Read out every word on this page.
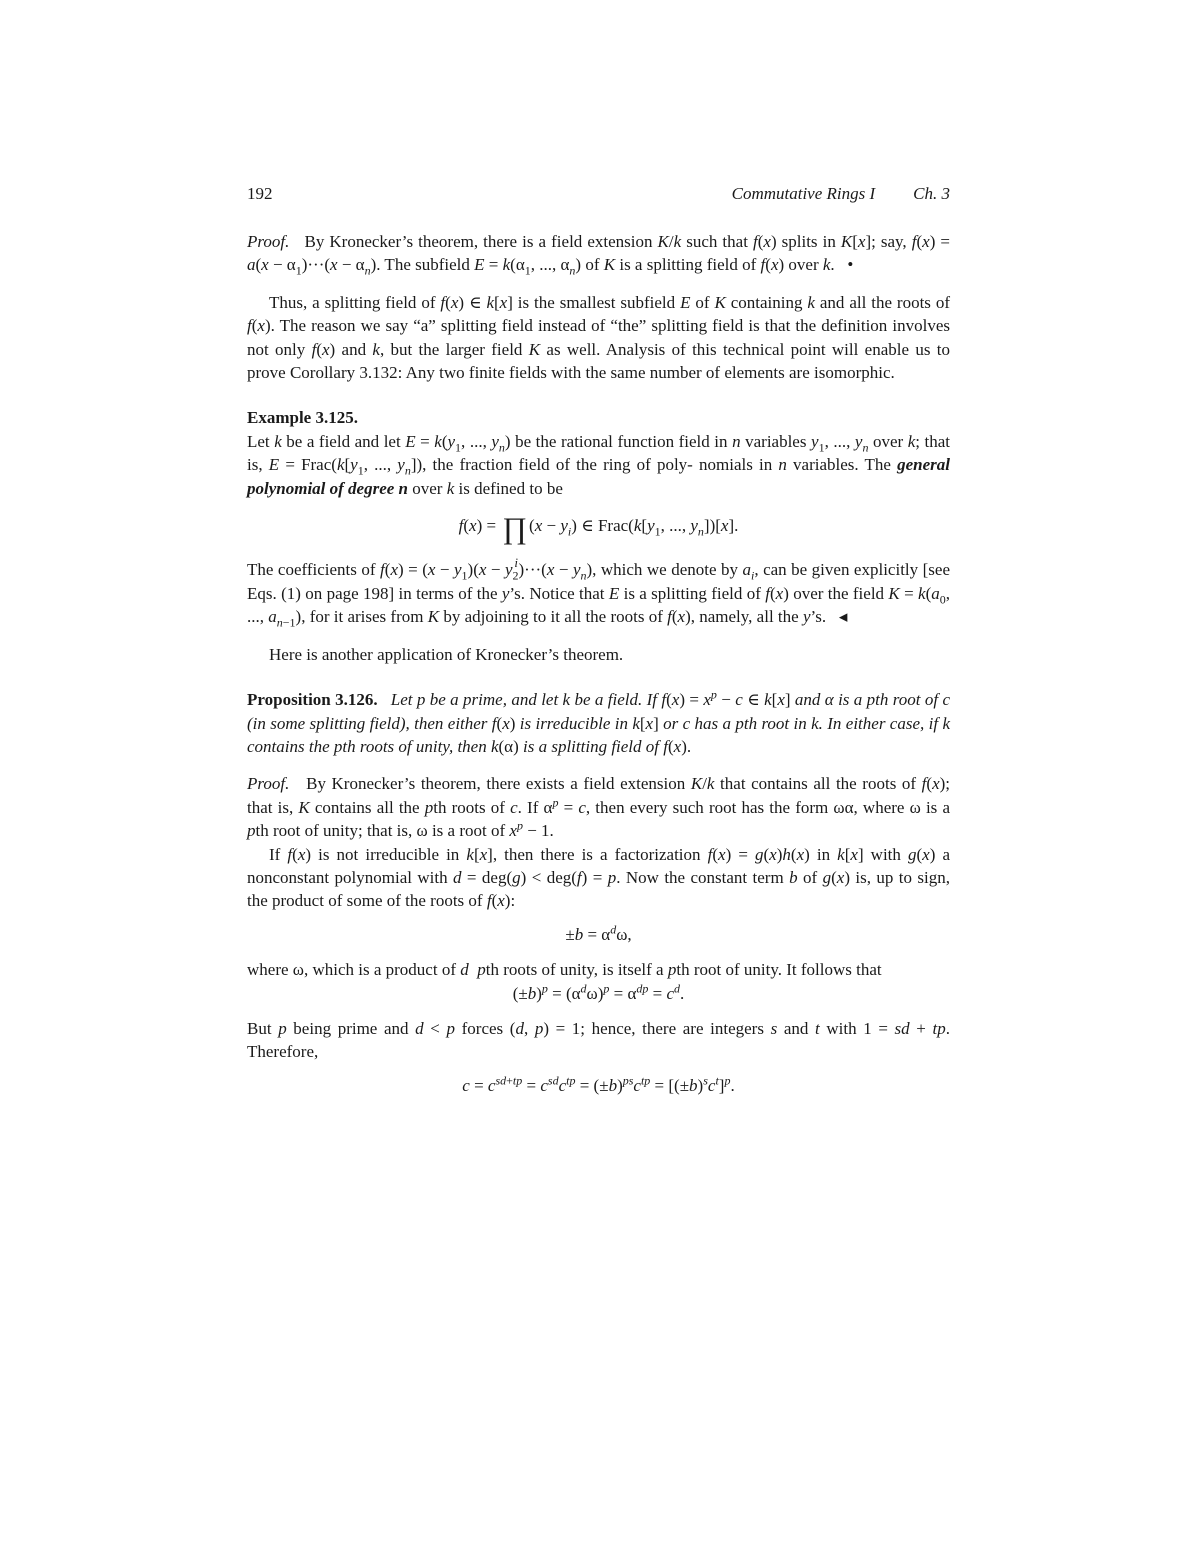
192	Commutative Rings I Ch. 3

Proof.   By Kronecker’s theorem, there is a field extension K/k such that f(x) splits in K[x]; say, $f(x) = a(x - \alpha_1)\cdot\cdot\cdot(x - \alpha_n)$. The subfield $E = k(\alpha_1$, ..., $\alpha_n$) of K is a splitting field of f(x) over k.   •

Thus, a splitting field of f(x) ∈ k[x] is the smallest subfield E of K containing k and all the roots of f(x). The reason we say “a” splitting field instead of “the” splitting field is that the definition involves not only f(x) and k, but the larger field K as well. Analysis of this technical point will enable us to prove Corollary 3.132: Any two finite fields with the same number of elements are isomorphic.

Example 3.125.

Let k be a field and let $E = k(y_1$, ..., $y_n$) be the rational function field in n variables $y_1$, ..., $y_n$ over k; that is, $E = Frac(k[y_1$, ..., $y_n$]), the fraction field of the ring of poly- nomials in n variables. The general polynomial of degree n over k is defined to be

f(x) = ∏
i
$(x - y_i)$ ∈ $Frac(k[y_1$, ..., $y_n])[x]$.

The coefficients of $f(x) = (x - y_1)(x - y_2)\cdot\cdot\cdot(x - y_n)$, which we denote by $a_i$, can be given explicitly [see Eqs. (1) on page 198] in terms of the y’s. Notice that E is a splitting field of f(x) over the field $K = k(a_0$, ..., $a_{n-1}$), for it arises from K by adjoining to it all the roots of f(x), namely, all the y’s.   ◂

Here is another application of Kronecker’s theorem.

Proposition 3.126. Let p be a prime, and let k be a field. If $f(x) = x^p - c$ ∈ k[x] and α is a pth root of c (in some splitting field), then either f(x) is irreducible in k[x] or c has a pth root in k. In either case, if k contains the pth roots of unity, then k(α) is a splitting field of f(x).

Proof.   By Kronecker’s theorem, there exists a field extension K/k that contains all the roots of f(x); that is, K contains all the pth roots of c. If $\alpha^p = c$, then every such root has the form ωα, where ω is a pth root of unity; that is, ω is a root of $x^p - 1$.

If f(x) is not irreducible in k[x], then there is a factorization f(x) = g(x)h(x) in k[x] with g(x) a nonconstant polynomial with d = deg(g) < deg(f) = p. Now the constant term b of g(x) is, up to sign, the product of some of the roots of f(x):

$\pm b = \alpha^d\omega$,

where ω, which is a product of d pth roots of unity, is itself a pth root of unity. It follows that

$(\pm b)^p = (\alpha^d\omega)^p = \alpha^{dp} = c^d$.

But p being prime and d < p forces (d, p) = 1; hence, there are integers s and t with 1 = sd + tp. Therefore,

$c = c^{sd+tp} = c^{sd}c^{tp} = (\pm b)^{ps}c^{tp} = [(\pm b)^sc^t]^p$.
